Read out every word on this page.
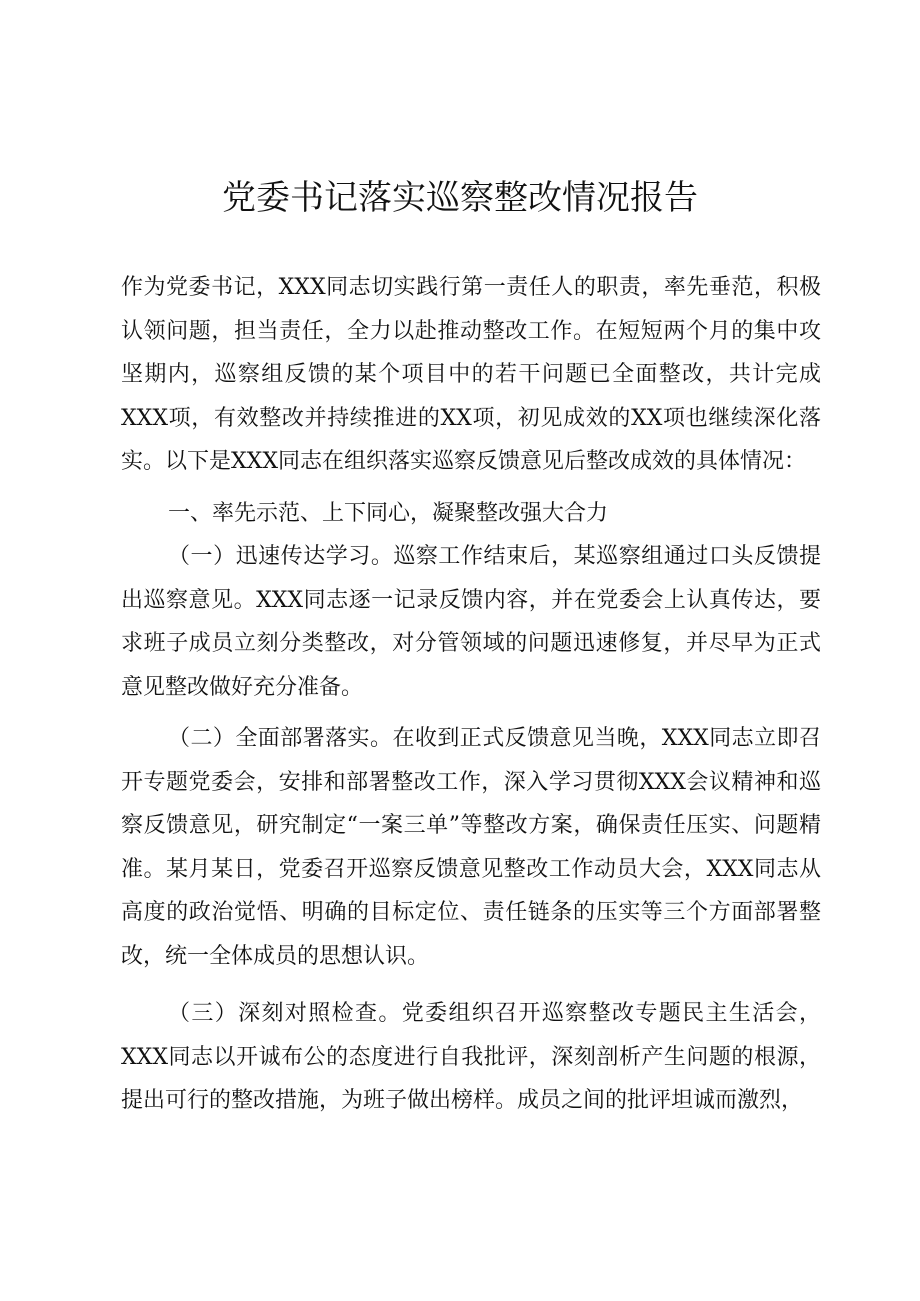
党委书记落实巡察整改情况报告

作为党委书记，XXX同志切实践行第一责任人的职责，率先垂范，积极认领问题，担当责任，全力以赴推动整改工作。在短短两个月的集中攻坚期内，巡察组反馈的某个项目中的若干问题已全面整改，共计完成XXX项，有效整改并持续推进的XX项，初见成效的XX项也继续深化落实。以下是XXX同志在组织落实巡察反馈意见后整改成效的具体情况：

一、率先示范、上下同心，凝聚整改强大合力

（一）迅速传达学习。巡察工作结束后，某巡察组通过口头反馈提出巡察意见。XXX同志逐一记录反馈内容，并在党委会上认真传达，要求班子成员立刻分类整改，对分管领域的问题迅速修复，并尽早为正式意见整改做好充分准备。

（二）全面部署落实。在收到正式反馈意见当晚，XXX同志立即召开专题党委会，安排和部署整改工作，深入学习贯彻XXX会议精神和巡察反馈意见，研究制定“一案三单”等整改方案，确保责任压实、问题精准。某月某日，党委召开巡察反馈意见整改工作动员大会，XXX同志从高度的政治觉悟、明确的目标定位、责任链条的压实等三个方面部署整改，统一全体成员的思想认识。

（三）深刻对照检查。党委组织召开巡察整改专题民主生活会，XXX同志以开诚布公的态度进行自我批评，深刻剖析产生问题的根源，提出可行的整改措施，为班子做出榜样。成员之间的批评坦诚而激烈，
